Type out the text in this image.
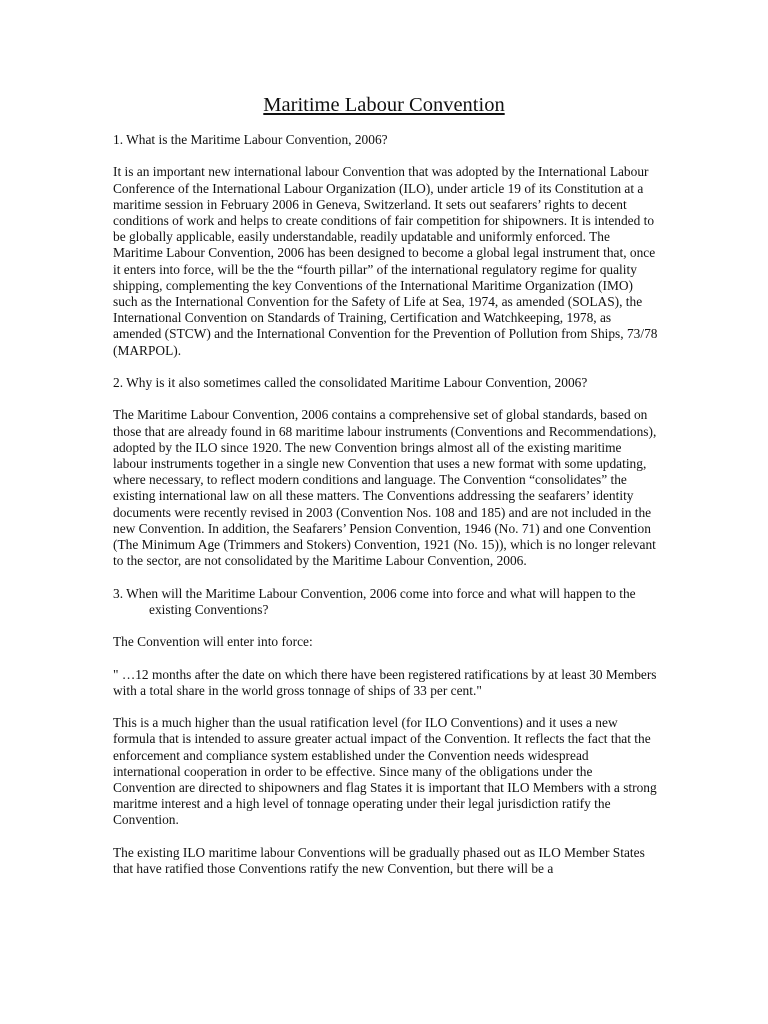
Maritime Labour Convention

1. What is the Maritime Labour Convention, 2006?

It is an important new international labour Convention that was adopted by the International Labour Conference of the International Labour Organization (ILO), under article 19 of its Constitution at a maritime session in February 2006 in Geneva, Switzerland. It sets out seafarers’ rights to decent conditions of work and helps to create conditions of fair competition for shipowners. It is intended to be globally applicable, easily understandable, readily updatable and uniformly enforced. The Maritime Labour Convention, 2006 has been designed to become a global legal instrument that, once it enters into force, will be the the “fourth pillar” of the international regulatory regime for quality shipping, complementing the key Conventions of the International Maritime Organization (IMO) such as the International Convention for the Safety of Life at Sea, 1974, as amended (SOLAS), the International Convention on Standards of Training, Certification and Watchkeeping, 1978, as amended (STCW) and the International Convention for the Prevention of Pollution from Ships, 73/78 (MARPOL).

2. Why is it also sometimes called the consolidated Maritime Labour Convention, 2006?

The Maritime Labour Convention, 2006 contains a comprehensive set of global standards, based on those that are already found in 68 maritime labour instruments (Conventions and Recommendations), adopted by the ILO since 1920. The new Convention brings almost all of the existing maritime labour instruments together in a single new Convention that uses a new format with some updating, where necessary, to reflect modern conditions and language. The Convention “consolidates” the existing international law on all these matters. The Conventions addressing the seafarers’ identity documents were recently revised in 2003 (Convention Nos. 108 and 185) and are not included in the new Convention. In addition, the Seafarers’ Pension Convention, 1946 (No. 71) and one Convention (The Minimum Age (Trimmers and Stokers) Convention, 1921 (No. 15)), which is no longer relevant to the sector, are not consolidated by the Maritime Labour Convention, 2006.

3. When will the Maritime Labour Convention, 2006 come into force and what will happen to the existing Conventions?

The Convention will enter into force:

" …12 months after the date on which there have been registered ratifications by at least 30 Members with a total share in the world gross tonnage of ships of 33 per cent."

This is a much higher than the usual ratification level (for ILO Conventions) and it uses a new formula that is intended to assure greater actual impact of the Convention. It reflects the fact that the enforcement and compliance system established under the Convention needs widespread international cooperation in order to be effective. Since many of the obligations under the Convention are directed to shipowners and flag States it is important that ILO Members with a strong maritme interest and a high level of tonnage operating under their legal jurisdiction ratify the Convention.

The existing ILO maritime labour Conventions will be gradually phased out as ILO Member States that have ratified those Conventions ratify the new Convention, but there will be a
